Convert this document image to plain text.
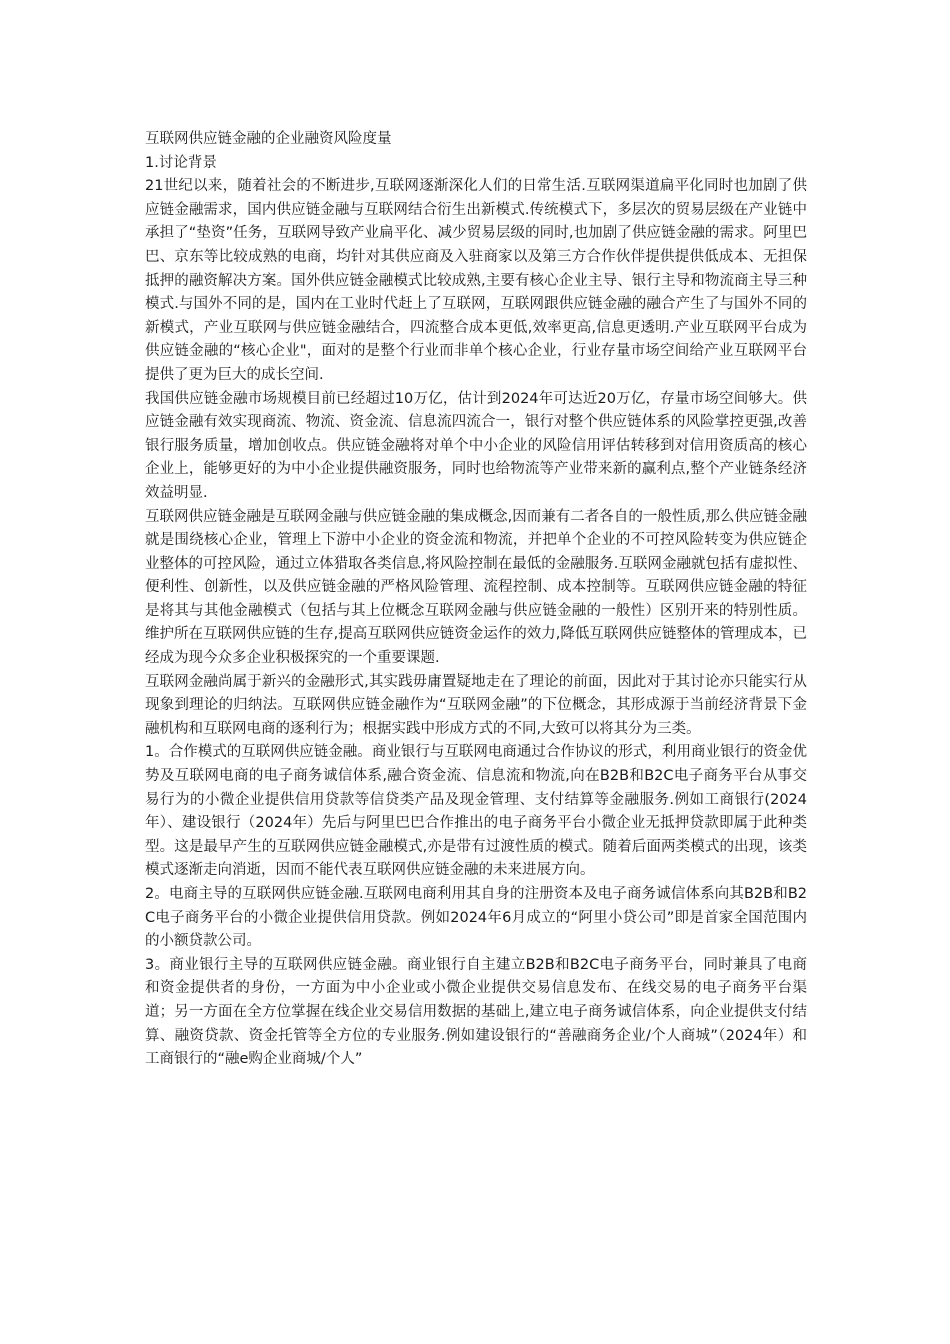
互联网供应链金融的企业融资风险度量

1.讨论背景

21世纪以来，随着社会的不断进步,互联网逐渐深化人们的日常生活.互联网渠道扁平化同时也加剧了供应链金融需求，国内供应链金融与互联网结合衍生出新模式.传统模式下，多层次的贸易层级在产业链中承担了“垫资”任务，互联网导致产业扁平化、减少贸易层级的同时,也加剧了供应链金融的需求。阿里巴巴、京东等比较成熟的电商，均针对其供应商及入驻商家以及第三方合作伙伴提供提供低成本、无担保抵押的融资解决方案。国外供应链金融模式比较成熟,主要有核心企业主导、银行主导和物流商主导三种模式.与国外不同的是，国内在工业时代赶上了互联网，互联网跟供应链金融的融合产生了与国外不同的新模式，产业互联网与供应链金融结合，四流整合成本更低,效率更高,信息更透明.产业互联网平台成为供应链金融的“核心企业"，面对的是整个行业而非单个核心企业，行业存量市场空间给产业互联网平台提供了更为巨大的成长空间.

我国供应链金融市场规模目前已经超过10万亿，估计到2024年可达近20万亿，存量市场空间够大。供应链金融有效实现商流、物流、资金流、信息流四流合一，银行对整个供应链体系的风险掌控更强,改善银行服务质量，增加创收点。供应链金融将对单个中小企业的风险信用评估转移到对信用资质高的核心企业上，能够更好的为中小企业提供融资服务，同时也给物流等产业带来新的赢利点,整个产业链条经济效益明显.

互联网供应链金融是互联网金融与供应链金融的集成概念,因而兼有二者各自的一般性质,那么供应链金融就是围绕核心企业，管理上下游中小企业的资金流和物流，并把单个企业的不可控风险转变为供应链企业整体的可控风险，通过立体猎取各类信息,将风险控制在最低的金融服务.互联网金融就包括有虚拟性、便利性、创新性，以及供应链金融的严格风险管理、流程控制、成本控制等。互联网供应链金融的特征是将其与其他金融模式（包括与其上位概念互联网金融与供应链金融的一般性）区别开来的特别性质。维护所在互联网供应链的生存,提高互联网供应链资金运作的效力,降低互联网供应链整体的管理成本，已经成为现今众多企业积极探究的一个重要课题.

互联网金融尚属于新兴的金融形式,其实践毋庸置疑地走在了理论的前面，因此对于其讨论亦只能实行从现象到理论的归纳法。互联网供应链金融作为“互联网金融”的下位概念，其形成源于当前经济背景下金融机构和互联网电商的逐利行为；根据实践中形成方式的不同,大致可以将其分为三类。

1。合作模式的互联网供应链金融。商业银行与互联网电商通过合作协议的形式，利用商业银行的资金优势及互联网电商的电子商务诚信体系,融合资金流、信息流和物流,向在B2B和B2C电子商务平台从事交易行为的小微企业提供信用贷款等信贷类产品及现金管理、支付结算等金融服务.例如工商银行(2024年）、建设银行（2024年）先后与阿里巴巴合作推出的电子商务平台小微企业无抵押贷款即属于此种类型。这是最早产生的互联网供应链金融模式,亦是带有过渡性质的模式。随着后面两类模式的出现，该类模式逐渐走向消逝，因而不能代表互联网供应链金融的未来进展方向。

2。电商主导的互联网供应链金融.互联网电商利用其自身的注册资本及电子商务诚信体系向其B2B和B2C电子商务平台的小微企业提供信用贷款。例如2024年6月成立的“阿里小贷公司”即是首家全国范围内的小额贷款公司。

3。商业银行主导的互联网供应链金融。商业银行自主建立B2B和B2C电子商务平台，同时兼具了电商和资金提供者的身份，一方面为中小企业或小微企业提供交易信息发布、在线交易的电子商务平台渠道；另一方面在全方位掌握在线企业交易信用数据的基础上,建立电子商务诚信体系，向企业提供支付结算、融资贷款、资金托管等全方位的专业服务.例如建设银行的“善融商务企业/个人商城”（2024年）和工商银行的“融e购企业商城/个人”
